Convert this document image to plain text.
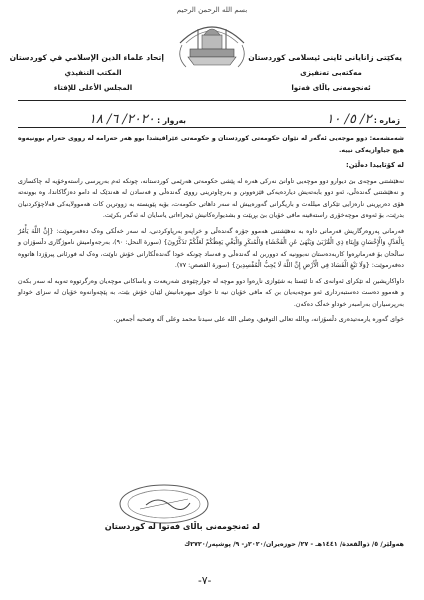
یەکێتی زانایانی ئاینی ئیسلامی کوردستان
مەکتەبی تەنفیزی
ئەنجومەنی باڵای فەتوا
بسم الله الرحمن الرحيم
إتحاد علماء الدين الإسلامي في كوردستان
المكتب التنفيذي
المجلس الأعلى للإفتاء
ژمارە : ٢/ ٥/ ١٠
بەروار : ٢٠٢٠/ ٦/ ١٨

شەمشەمە: دوو موجەیی ئەگەر لە نێوان حکومەتی کوردستان و حکومەتی عێراقیشدا بوو هەر حەرامە لە رووی حەرام بوونیەوە هیچ جیاوازیەکی نییە.

لە کۆتاییدا دەڵێن:

نەهێشتنی موچەی بێ دیوارو دوو موچەیی تاوانێ نەرکی هەرە لە پێشی حکومەتی هەرێمی کوردستانە، چونکە ئەم بەرپرسی راستەوخۆیە لە چاکسازی و نەهێشتنی گەندەڵی، ئەو دوو بابەتەیش دیاردەیەکی قێزەوونن و بەرچاوترینی رووی گەندەڵی و فەسادن لە هەندێک لە دامو دەزگاکاندا، وە بوونەتە هۆی دەربڕینی نارەزایی تێکرای میللەت و باریگرانی گەورەییش لە سەر داهاتی حکومەت، بۆیە پێویستە بە زووترین کات هەموولایەکی قەلاچۆکردنیان بدرێت، بۆ ئەوەی موچەخۆری راستەقینە مافی خۆیان بێ بڕیێت و بشدیوارەکانیش ئیجراءاتی یاسایان لە ئەگەر بکرێت.

فەرمانی پەروەرگاریش فەرمانی داوە بە نەهێشتنی هەموو جۆرە گەندەڵی و خراپەو بەرپاوکردنی، لە سەر خەڵکی وەک دەفەرموێت: {إِنَّ اللَّهَ يَأْمُرُ بِالْعَدْلِ وَالْإِحْسَانِ وَإِيتَاءِ ذِي الْقُرْبَىٰ وَيَنْهَىٰ عَنِ الْفَحْشَاءِ وَالْمُنكَرِ وَالْبَغْيِ يَعِظُكُمْ لَعَلَّكُمْ تَذَكَّرُونَ} (سورة النحل: ٩٠)، بەرجەوامیش ناموژگاری دڵسۆزان و ساڵحان بۆ فەرمانڕەوا کاربەدەستان نەبوونیە کە دووربن لە گەندەڵی و فەساد چونکە خودا گەندەڵکارانی خۆش ناوێت، وەک لە فورئانی پیرۆزدا هاتووە دەفەرموێت: {وَلَا تَبْغِ الْفَسَادَ فِي الْأَرْضِ إِنَّ اللَّهَ لَا يُحِبُّ الْمُفْسِدِينَ} (سورة القصص: ٧٧).

داواکاریشین لە تێکرای ئەوانەی کە تا ئێستا بە شێوازی ناڕەوا دوو موچە لە جوارچێوەی شەریعەت و یاساکانی موچەیان وەرگرتووە تەوبە لە سەر بکەن و هەموو دەست دەستبەرداری ئەو موچەیەیان بن کە مافی خۆیان نیە تا خوای میهرەبانیش لێیان خۆش بێت، بە پێچەوانەوە خۆیان لە سزای خوداو بەرپرسیاران بەرامبەر خوداو خەڵک دەکەن.

خوای گەورە یارمەتیدەری دڵسۆزانە، وباللە تعالى التوفيق، وصلى الله على سيدنا محمد وعلى آله وصحبه أجمعين.

لە ئەنجومەنی باڵای فەتوا لە کوردستان
هەولێر/ ٥/ ذوالقعدة/ ١٤٤١هـ - ٢٧/ حوزەیران/٢٠٢٠ز- ٩/ پوشپەر/٢٧٢٠ك
-٧-
